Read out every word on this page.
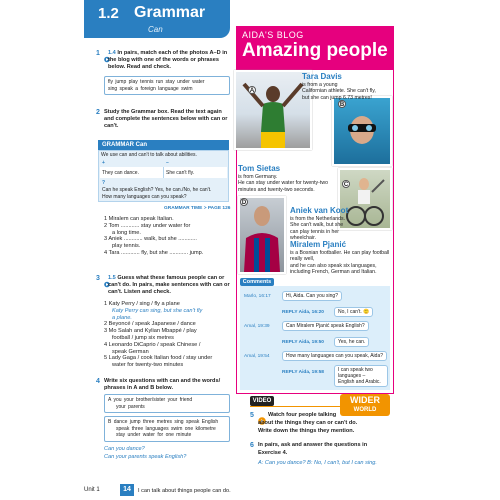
1.2 Grammar
Can
1 1.4 In pairs, match each of the photos A–D in the blog with one of the words or phrases below. Read and check.
fly jump play tennis run stay under water
sing speak a foreign language swim
2 Study the Grammar box. Read the text again and complete the sentences below with can or can't.
GRAMMAR Can
We use can and can't to talk about abilities.
+	–
They can dance.	She can't fly.
?
Can he speak English? Yes, he can./No, he can't.
How many languages can you speak?
GRAMMAR TIME > PAGE 126
1 Miralem can speak Italian.
2 Tom ............ stay under water for
a long time.
3 Aniek ............ walk, but she ............
play tennis.
4 Tara ............ fly, but she ............ jump.
3 1.5 Guess what these famous people can or can't do. In pairs, make sentences with can or can't. Listen and check.
1 Katy Perry / sing / fly a plane
Katy Perry can sing, but she can't fly
a plane.
2 Beyoncé / speak Japanese / dance
3 Mo Salah and Kylian Mbappé / play
football / jump six metres
4 Leonardo DiCaprio / speak Chinese /
speak German
5 Lady Gaga / cook Italian food / stay under
water for twenty-two minutes
4 Write six questions with can and the words/ phrases in A and B below.
A you your brother/sister your friend
your parents
B dance jump three metres sing speak English
speak three languages swim one kilometre
stay under water for one minute
Can you dance?
Can your parents speak English?
AIDA'S BLOG
Amazing people
A
B
Tara Davis
is from a young
Californian athlete. She can't fly,
but she can jump 6.73 metres!
Tom Sietas
is from Germany.
He can stay under water for twenty-two
minutes and twenty-two seconds.
C
Aniek van Koot
is from the Netherlands.
She can't walk, but she
can play tennis in her wheelchair.
D
Miralem Pjanić
is a Bosnian footballer. He can play football really well,
and he can also speak six languages,
including French, German and Italian.
Comments
Marlo, 16:17	Hi, Aida. Can you sing?
REPLY Aida, 16:20	No, I can't. 🙂
Amal, 19:39	Can Miralem Pjanić speak English?
REPLY Aida, 19:50	Yes, he can.
Amal, 19:54	How many languages can you speak, Aida?
REPLY Aida, 19:58	I can speak two languages –
English and Arabic.
VIDEO	WIDER
WORLD
5	Watch four people talking
about the things they can or can't do.
Write down the things they mention.
6 In pairs, ask and answer the questions in
Exercise 4.
A: Can you dance? B: No, I can't, but I can sing.
Unit 1	14	I can talk about things people can do.
